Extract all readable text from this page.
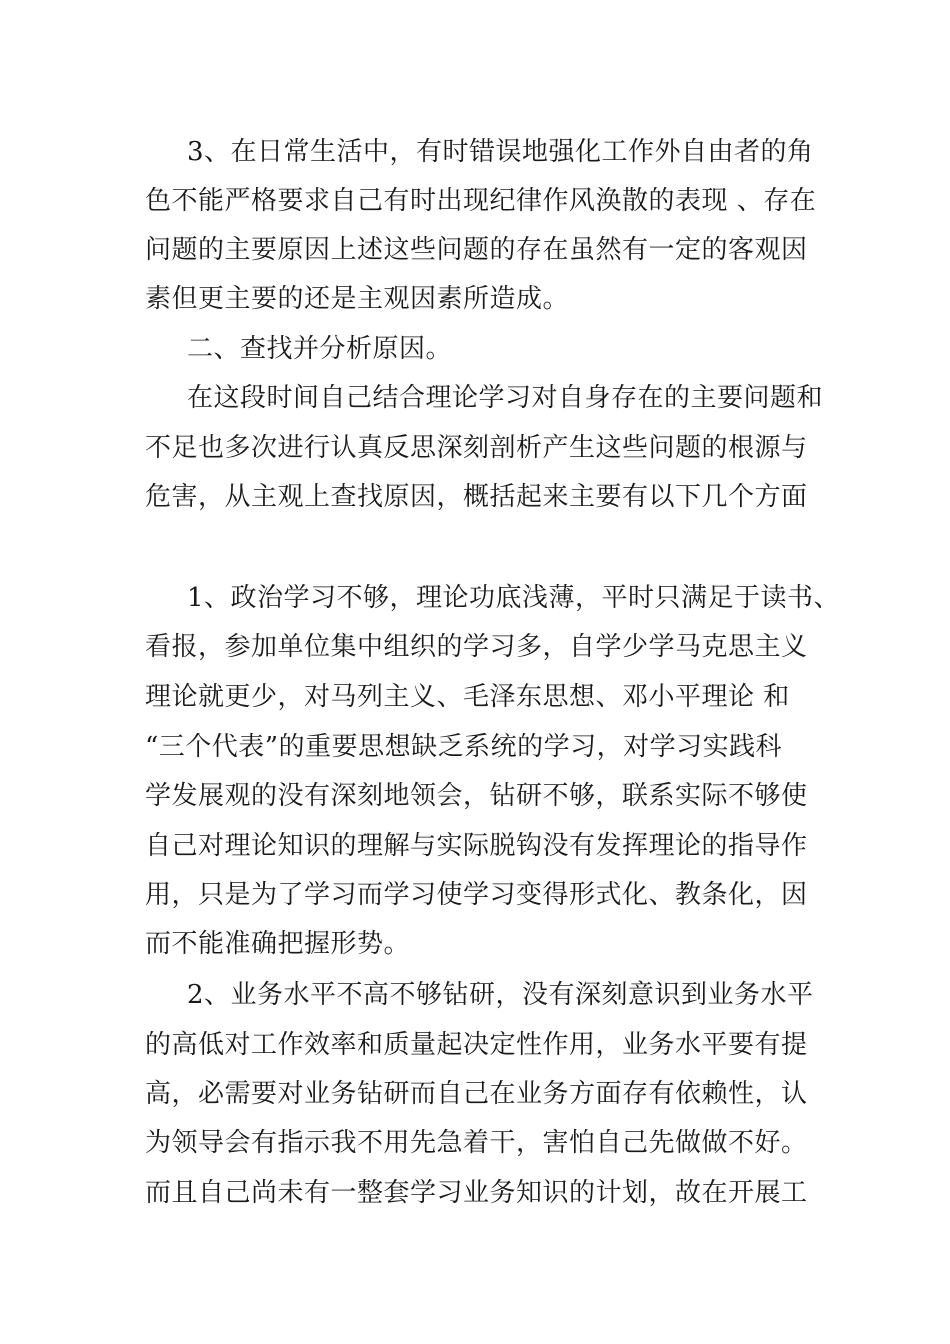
3、在日常生活中，有时错误地强化工作外自由者的角
色不能严格要求自己有时出现纪律作风涣散的表现 、存在
问题的主要原因上述这些问题的存在虽然有一定的客观因
素但更主要的还是主观因素所造成。
二、查找并分析原因。
在这段时间自己结合理论学习对自身存在的主要问题和
不足也多次进行认真反思深刻剖析产生这些问题的根源与
危害，从主观上查找原因，概括起来主要有以下几个方面
1、政治学习不够，理论功底浅薄，平时只满足于读书、
看报，参加单位集中组织的学习多，自学少学马克思主义
理论就更少，对马列主义、毛泽东思想、邓小平理论 和
“三个代表”的重要思想缺乏系统的学习，对学习实践科
学发展观的没有深刻地领会，钻研不够，联系实际不够使
自己对理论知识的理解与实际脱钩没有发挥理论的指导作
用，只是为了学习而学习使学习变得形式化、教条化，因
而不能准确把握形势。
2、业务水平不高不够钻研，没有深刻意识到业务水平
的高低对工作效率和质量起决定性作用，业务水平要有提
高，必需要对业务钻研而自己在业务方面存有依赖性，认
为领导会有指示我不用先急着干，害怕自己先做做不好。
而且自己尚未有一整套学习业务知识的计划，故在开展工
